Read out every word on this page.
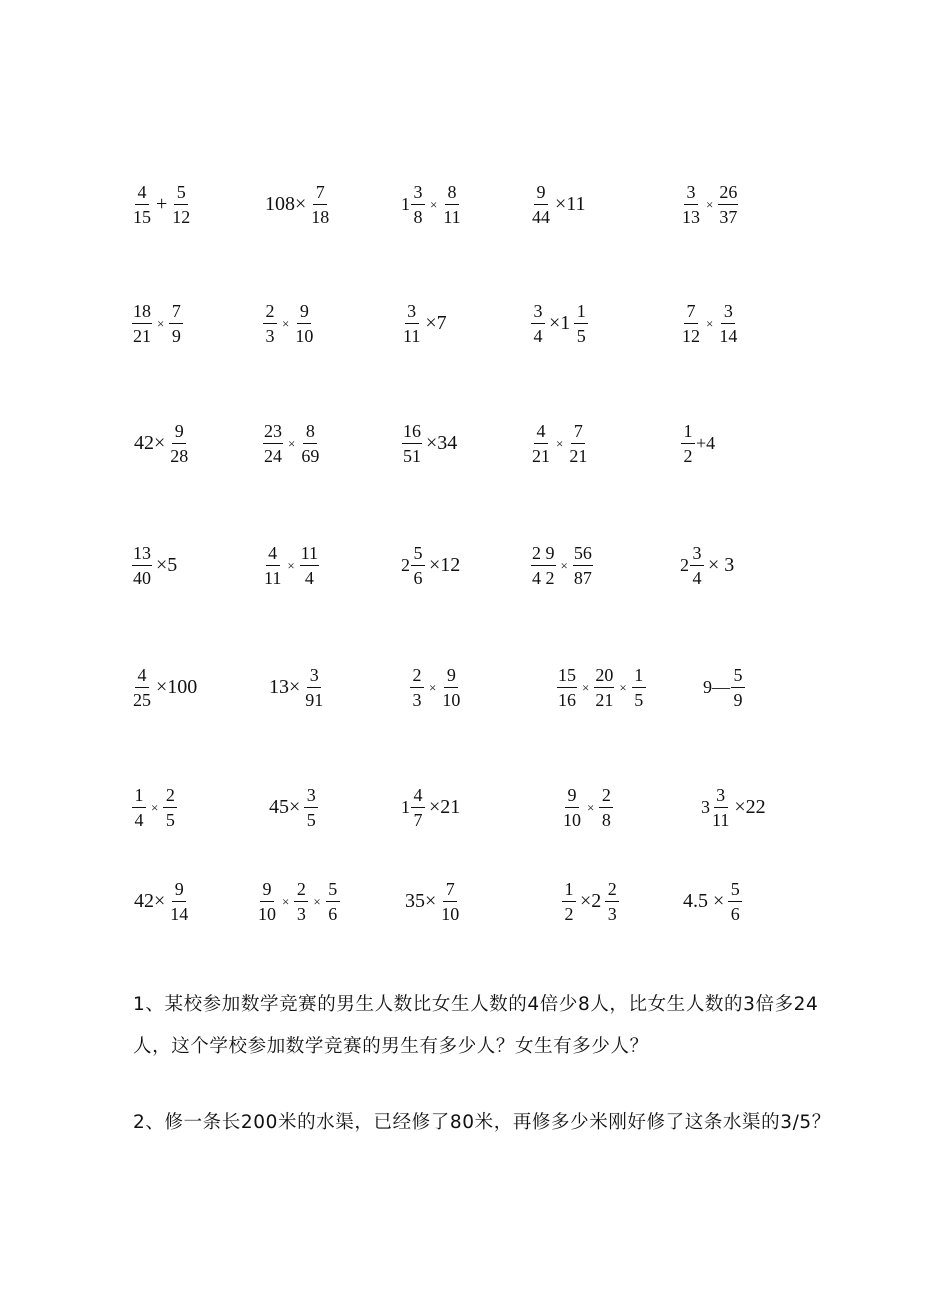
$\frac{4}{15} + \frac{5}{12}$	$108\times \frac{7}{18}$	$1 \frac{3}{8} \times \frac{8}{11}$	$\frac{9}{44} \times 11$	$\frac{3}{13} \times \frac{26}{37}$
$\frac{18}{21} \times \frac{7}{9}$	$\frac{2}{3} \times \frac{9}{10}$	$\frac{3}{11} \times 7$	$\frac{3}{4} \times 1 \frac{1}{5}$	$\frac{7}{12} \times \frac{3}{14}$
$42\times \frac{9}{28}$	$\frac{23}{24} \times \frac{8}{69}$	$\frac{16}{51} \times 34$	$\frac{4}{21} \times \frac{7}{21}$	$\frac{1}{2} +4$
$\frac{13}{40} \times 5$	$\frac{4}{11} \times \frac{11}{4}$	$2 \frac{5}{6} \times 12$	$\frac{2 9}{4 2} \times \frac{56}{87}$	$2 \frac{3}{4} \times 3$
$\frac{4}{25} \times 100$	$13\times \frac{3}{91}$	$\frac{2}{3} \times \frac{9}{10}$	$\frac{15}{16} \times \frac{20}{21} \times \frac{1}{5}$	9— $\frac{5}{9}$
$\frac{1}{4} \times \frac{2}{5}$	$45\times \frac{3}{5}$	$1 \frac{4}{7} \times 21$	$\frac{9}{10} \times \frac{2}{8}$	$3 \frac{3}{11} \times 22$
$42\times \frac{9}{14}$	$\frac{9}{10} \times \frac{2}{3} \times \frac{5}{6}$	$35\times \frac{7}{10}$	$\frac{1}{2} \times 2 \frac{2}{3}$	$4.5 \times \frac{5}{6}$
1、某校参加数学竞赛的男生人数比女生人数的4倍少8人，比女生人数的3倍多24人，这个学校参加数学竞赛的男生有多少人？女生有多少人？
2、修一条长200米的水渠，已经修了80米，再修多少米刚好修了这条水渠的3/5？
